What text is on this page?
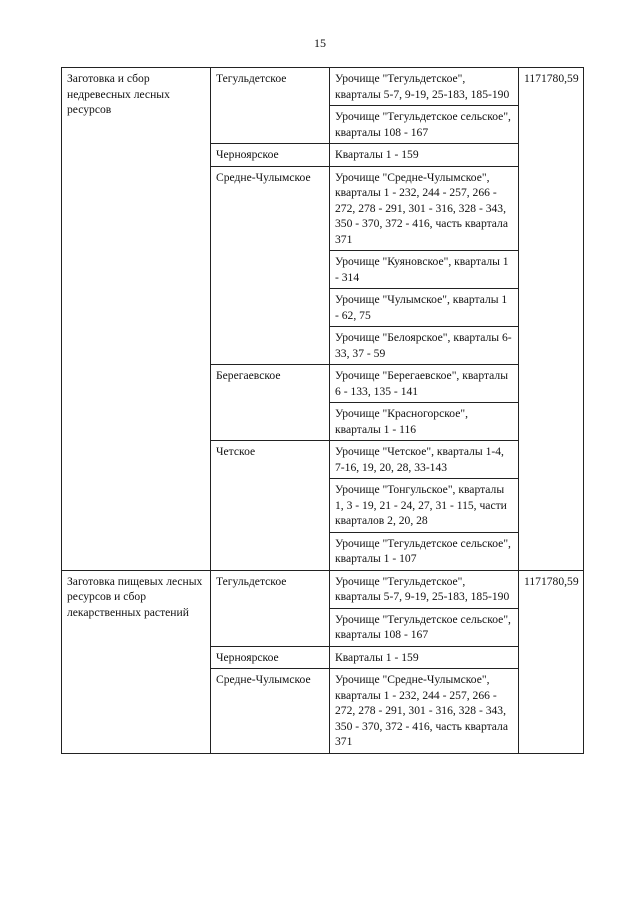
15
Заготовка и сбор недревесных лесных ресурсов	Тегульдетское	Урочище "Тегульдетское", кварталы 5-7, 9-19, 25-183, 185-190	1171780,59
		Урочище "Тегульдетское сельское", кварталы 108 - 167	
	Черноярское	Кварталы 1 - 159	
	Средне-Чулымское	Урочище "Средне-Чулымское", кварталы 1 - 232, 244 - 257, 266 - 272, 278 - 291, 301 - 316, 328 - 343, 350 - 370, 372 - 416, часть квартала 371	
		Урочище "Куяновское", кварталы 1 - 314	
		Урочище "Чулымское", кварталы 1 - 62, 75	
		Урочище "Белоярское", кварталы 6-33, 37 - 59	
	Берегаевское	Урочище "Берегаевское", кварталы 6 - 133, 135 - 141	
		Урочище "Красногорское", кварталы 1 - 116	
	Четское	Урочище "Четское", кварталы 1-4, 7-16, 19, 20, 28, 33-143	
		Урочище "Тонгульское", кварталы 1, 3 - 19, 21 - 24, 27, 31 - 115, части кварталов 2, 20, 28	
		Урочище "Тегульдетское сельское", кварталы 1 - 107	
Заготовка пищевых лесных ресурсов и сбор лекарственных растений	Тегульдетское	Урочище "Тегульдетское", кварталы 5-7, 9-19, 25-183, 185-190	1171780,59
		Урочище "Тегульдетское сельское", кварталы 108 - 167	
	Черноярское	Кварталы 1 - 159	
	Средне-Чулымское	Урочище "Средне-Чулымское", кварталы 1 - 232, 244 - 257, 266 - 272, 278 - 291, 301 - 316, 328 - 343, 350 - 370, 372 - 416, часть квартала 371	
